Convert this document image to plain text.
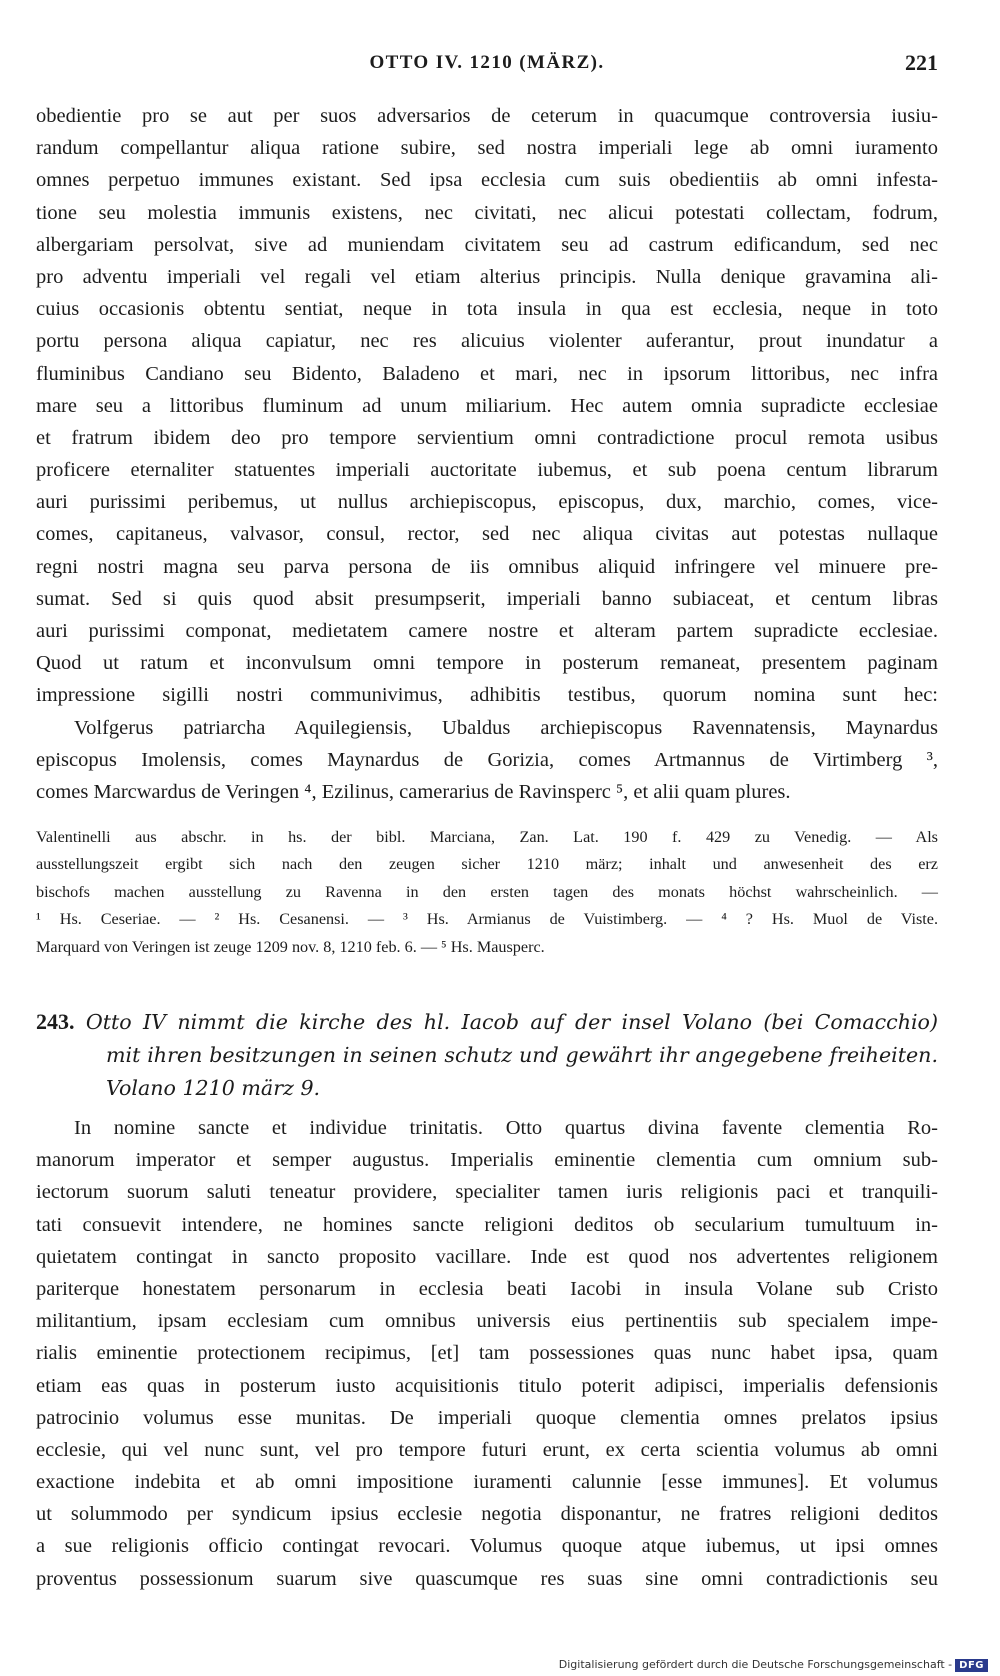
OTTO IV. 1210 (MÄRZ).	221
obedientie pro se aut per suos adversarios de ceterum in quacumque controversia iusiu-
randum compellantur aliqua ratione subire, sed nostra imperiali lege ab omni iuramento
omnes perpetuo immunes existant. Sed ipsa ecclesia cum suis obedientiis ab omni infesta-
tione seu molestia immunis existens, nec civitati, nec alicui potestati collectam, fodrum,
albergariam persolvat, sive ad muniendam civitatem seu ad castrum edificandum, sed nec
pro adventu imperiali vel regali vel etiam alterius principis. Nulla denique gravamina ali-
cuius occasionis obtentu sentiat, neque in tota insula in qua est ecclesia, neque in toto
portu persona aliqua capiatur, nec res alicuius violenter auferantur, prout inundatur a
fluminibus Candiano seu Bidento, Baladeno et mari, nec in ipsorum littoribus, nec infra
mare seu a littoribus fluminum ad unum miliarium. Hec autem omnia supradicte ecclesiae
et fratrum ibidem deo pro tempore servientium omni contradictione procul remota usibus
proficere eternaliter statuentes imperiali auctoritate iubemus, et sub poena centum librarum
auri purissimi peribemus, ut nullus archiepiscopus, episcopus, dux, marchio, comes, vice-
comes, capitaneus, valvasor, consul, rector, sed nec aliqua civitas aut potestas nullaque
regni nostri magna seu parva persona de iis omnibus aliquid infringere vel minuere pre-
sumat. Sed si quis quod absit presumpserit, imperiali banno subiaceat, et centum libras
auri purissimi componat, medietatem camere nostre et alteram partem supradicte ecclesiae.
Quod ut ratum et inconvulsum omni tempore in posterum remaneat, presentem paginam
impressione sigilli nostri communivimus, adhibitis testibus, quorum nomina sunt hec:
Volfgerus patriarcha Aquilegiensis, Ubaldus archiepiscopus Ravennatensis, Maynardus
episcopus Imolensis, comes Maynardus de Gorizia, comes Artmannus de Virtimberg ³,
comes Marcwardus de Veringen ⁴, Ezilinus, camerarius de Ravinsperc ⁵, et alii quam plures.
Valentinelli aus abschr. in hs. der bibl. Marciana, Zan. Lat. 190 f. 429 zu Venedig. — Als
ausstellungszeit ergibt sich nach den zeugen sicher 1210 märz; inhalt und anwesenheit des erz
bischofs machen ausstellung zu Ravenna in den ersten tagen des monats höchst wahrscheinlich. —
¹ Hs. Ceseriae. — ² Hs. Cesanensi. — ³ Hs. Armianus de Vuistimberg. — ⁴ ? Hs. Muol de Viste.
Marquard von Veringen ist zeuge 1209 nov. 8, 1210 feb. 6. — ⁵ Hs. Mausperc.
243. Otto IV nimmt die kirche des hl. Iacob auf der insel Volano (bei Comacchio)
mit ihren besitzungen in seinen schutz und gewährt ihr angegebene freiheiten.
Volano 1210 märz 9.
In nomine sancte et individue trinitatis. Otto quartus divina favente clementia Ro-
manorum imperator et semper augustus. Imperialis eminentie clementia cum omnium sub-
iectorum suorum saluti teneatur providere, specialiter tamen iuris religionis paci et tranquili-
tati consuevit intendere, ne homines sancte religioni deditos ob secularium tumultuum in-
quietatem contingat in sancto proposito vacillare. Inde est quod nos advertentes religionem
pariterque honestatem personarum in ecclesia beati Iacobi in insula Volane sub Cristo
militantium, ipsam ecclesiam cum omnibus universis eius pertinentiis sub specialem impe-
rialis eminentie protectionem recipimus, [et] tam possessiones quas nunc habet ipsa, quam
etiam eas quas in posterum iusto acquisitionis titulo poterit adipisci, imperialis defensionis
patrocinio volumus esse munitas. De imperiali quoque clementia omnes prelatos ipsius
ecclesie, qui vel nunc sunt, vel pro tempore futuri erunt, ex certa scientia volumus ab omni
exactione indebita et ab omni impositione iuramenti calunnie [esse immunes]. Et volumus
ut solummodo per syndicum ipsius ecclesie negotia disponantur, ne fratres religioni deditos
a sue religionis officio contingat revocari. Volumus quoque atque iubemus, ut ipsi omnes
proventus possessionum suarum sive quascumque res suas sine omni contradictionis seu
Digitalisierung gefördert durch die Deutsche Forschungsgemeinschaft - DFG
